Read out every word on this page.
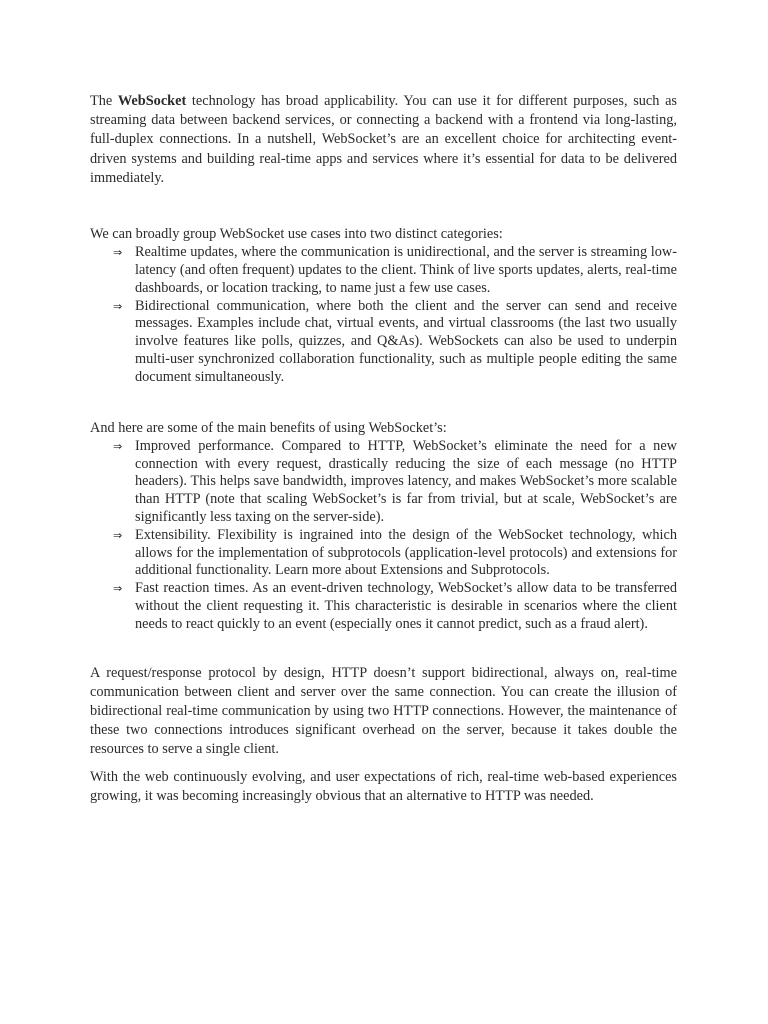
The WebSocket technology has broad applicability. You can use it for different purposes, such as streaming data between backend services, or connecting a backend with a frontend via long-lasting, full-duplex connections. In a nutshell, WebSocket’s are an excellent choice for architecting event-driven systems and building real-time apps and services where it’s essential for data to be delivered immediately.

We can broadly group WebSocket use cases into two distinct categories:

⇒ Realtime updates, where the communication is unidirectional, and the server is streaming low-latency (and often frequent) updates to the client. Think of live sports updates, alerts, real-time dashboards, or location tracking, to name just a few use cases.
⇒ Bidirectional communication, where both the client and the server can send and receive messages. Examples include chat, virtual events, and virtual classrooms (the last two usually involve features like polls, quizzes, and Q&As). WebSockets can also be used to underpin multi-user synchronized collaboration functionality, such as multiple people editing the same document simultaneously.

And here are some of the main benefits of using WebSocket’s:

⇒ Improved performance. Compared to HTTP, WebSocket’s eliminate the need for a new connection with every request, drastically reducing the size of each message (no HTTP headers). This helps save bandwidth, improves latency, and makes WebSocket’s more scalable than HTTP (note that scaling WebSocket’s is far from trivial, but at scale, WebSocket’s are significantly less taxing on the server-side).
⇒ Extensibility. Flexibility is ingrained into the design of the WebSocket technology, which allows for the implementation of subprotocols (application-level protocols) and extensions for additional functionality. Learn more about Extensions and Subprotocols.
⇒ Fast reaction times. As an event-driven technology, WebSocket’s allow data to be transferred without the client requesting it. This characteristic is desirable in scenarios where the client needs to react quickly to an event (especially ones it cannot predict, such as a fraud alert).

A request/response protocol by design, HTTP doesn’t support bidirectional, always on, real-time communication between client and server over the same connection. You can create the illusion of bidirectional real-time communication by using two HTTP connections. However, the maintenance of these two connections introduces significant overhead on the server, because it takes double the resources to serve a single client.

With the web continuously evolving, and user expectations of rich, real-time web-based experiences growing, it was becoming increasingly obvious that an alternative to HTTP was needed.
